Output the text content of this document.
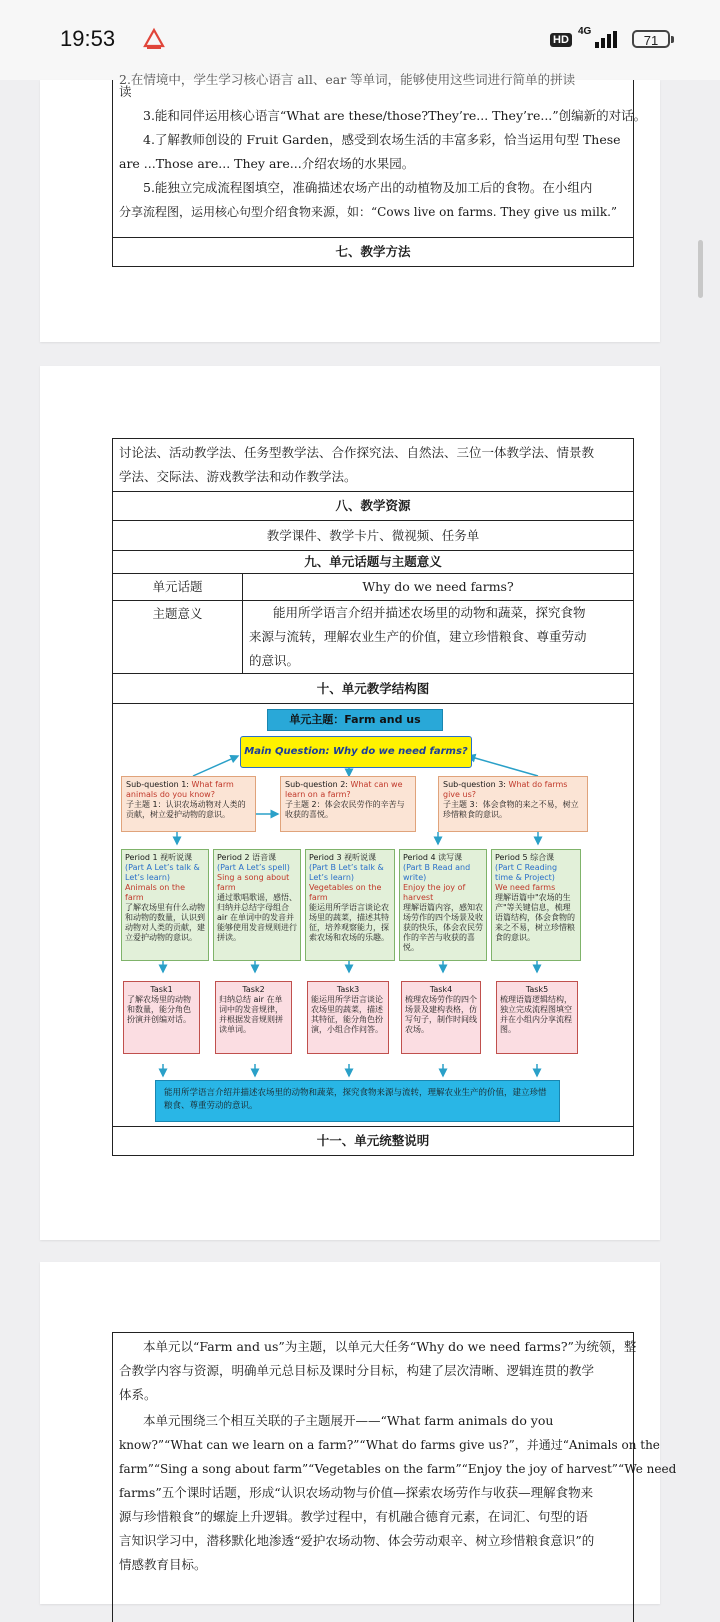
19:53	HD
4G
71
2.在情境中，学生学习核心语言 all、ear 等单词，能够使用这些词进行简单的拼读
读
3.能和同伴运用核心语言“What are these/those?They’re... They’re...”创编新的对话。
4.了解教师创设的 Fruit Garden，感受到农场生活的丰富多彩，恰当运用句型 These
are ...Those are... They are...介绍农场的水果园。
5.能独立完成流程图填空，准确描述农场产出的动植物及加工后的食物。在小组内
分享流程图，运用核心句型介绍食物来源，如：“Cows live on farms. They give us milk.”
七、教学方法
讨论法、活动教学法、任务型教学法、合作探究法、自然法、三位一体教学法、情景教
学法、交际法、游戏教学法和动作教学法。
八、教学资源
教学课件、教学卡片、微视频、任务单
九、单元话题与主题意义
单元话题	Why do we need farms?
主题意义	能用所学语言介绍并描述农场里的动物和蔬菜，探究食物
来源与流转，理解农业生产的价值，建立珍惜粮食、尊重劳动
的意识。
十、单元教学结构图
单元主题：Farm and us
Main Question: Why do we need farms?
Sub-question 1: What farm animals do you know?
子主题 1：认识农场动物对人类的贡献，树立爱护动物的意识。
Sub-question 2: What can we learn on a farm?
子主题 2：体会农民劳作的辛苦与收获的喜悦。
Sub-question 3: What do farms give us?
子主题 3：体会食物的来之不易，树立珍惜粮食的意识。
Period 1 视听说课
(Part A Let’s talk & Let’s learn)
Animals on the farm
了解农场里有什么动物和动物的数量，认识到动物对人类的贡献，建立爱护动物的意识。
Period 2 语音课
(Part A Let’s spell)
Sing a song about farm
通过歌唱歌谣，感悟、归纳并总结字母组合 air 在单词中的发音并能够使用发音规则进行拼读。
Period 3 视听说课
(Part B Let’s talk & Let’s learn)
Vegetables on the farm
能运用所学语言谈论农场里的蔬菜，描述其特征，培养观察能力，探索农场和农场的乐趣。
Period 4 读写课
(Part B Read and write)
Enjoy the joy of harvest
理解语篇内容，感知农场劳作的四个场景及收获的快乐，体会农民劳作的辛苦与收获的喜悦。
Period 5 综合课
(Part C Reading time & Project)
We need farms
理解语篇中"农场的生产"等关键信息，梳理语篇结构，体会食物的来之不易，树立珍惜粮食的意识。
Task1
了解农场里的动物和数量，能分角色扮演并创编对话。
Task2
归纳总结 air 在单词中的发音规律，并根据发音规则拼读单词。
Task3
能运用所学语言谈论农场里的蔬菜，描述其特征，能分角色扮演，小组合作问答。
Task4
梳理农场劳作的四个场景及建构表格，仿写句子，制作时间线农场。
Task5
梳理语篇逻辑结构，独立完成流程图填空并在小组内分享流程图。
能用所学语言介绍并描述农场里的动物和蔬菜，探究食物来源与流转，理解农业生产的价值，建立珍惜粮食、尊重劳动的意识。
十一、单元统整说明
本单元以“Farm and us”为主题，以单元大任务“Why do we need farms?”为统领，整
合教学内容与资源，明确单元总目标及课时分目标，构建了层次清晰、逻辑连贯的教学
体系。
本单元围绕三个相互关联的子主题展开——“What farm animals do you
know?”“What can we learn on a farm?”“What do farms give us?”，并通过“Animals on the
farm”“Sing a song about farm”“Vegetables on the farm”“Enjoy the joy of harvest”“We need
farms”五个课时话题，形成“认识农场动物与价值—探索农场劳作与收获—理解食物来
源与珍惜粮食”的螺旋上升逻辑。教学过程中，有机融合德育元素，在词汇、句型的语
言知识学习中，潜移默化地渗透“爱护农场动物、体会劳动艰辛、树立珍惜粮食意识”的
情感教育目标。
